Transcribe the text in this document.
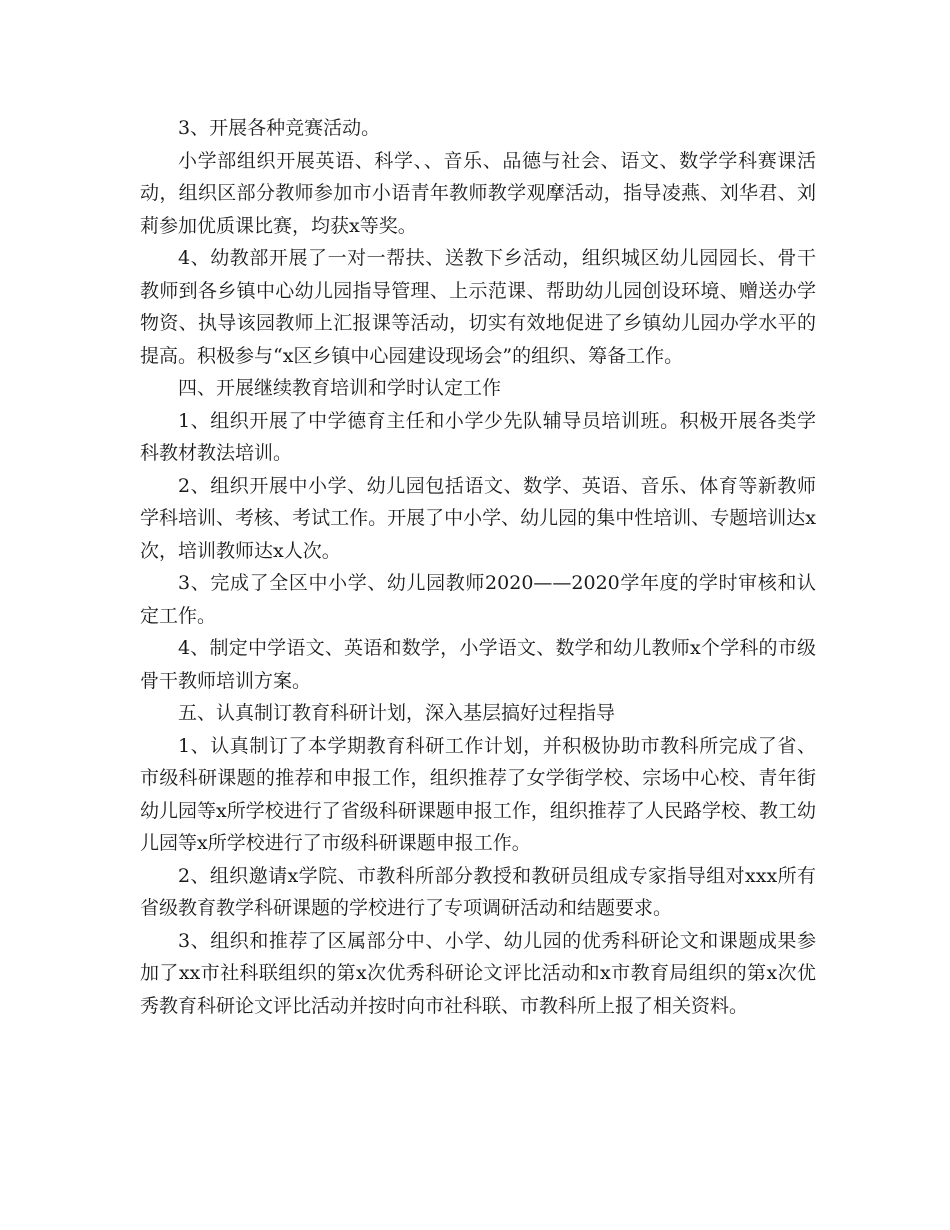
3、开展各种竞赛活动。

小学部组织开展英语、科学、、音乐、品德与社会、语文、数学学科赛课活动，组织区部分教师参加市小语青年教师教学观摩活动，指导凌燕、刘华君、刘莉参加优质课比赛，均获x等奖。

4、幼教部开展了一对一帮扶、送教下乡活动，组织城区幼儿园园长、骨干教师到各乡镇中心幼儿园指导管理、上示范课、帮助幼儿园创设环境、赠送办学物资、执导该园教师上汇报课等活动，切实有效地促进了乡镇幼儿园办学水平的提高。积极参与“x区乡镇中心园建设现场会”的组织、筹备工作。

四、开展继续教育培训和学时认定工作

1、组织开展了中学德育主任和小学少先队辅导员培训班。积极开展各类学科教材教法培训。

2、组织开展中小学、幼儿园包括语文、数学、英语、音乐、体育等新教师学科培训、考核、考试工作。开展了中小学、幼儿园的集中性培训、专题培训达x次，培训教师达x人次。

3、完成了全区中小学、幼儿园教师2020——2020学年度的学时审核和认定工作。

4、制定中学语文、英语和数学，小学语文、数学和幼儿教师x个学科的市级骨干教师培训方案。

五、认真制订教育科研计划，深入基层搞好过程指导

1、认真制订了本学期教育科研工作计划，并积极协助市教科所完成了省、市级科研课题的推荐和申报工作，组织推荐了女学街学校、宗场中心校、青年街幼儿园等x所学校进行了省级科研课题申报工作，组织推荐了人民路学校、教工幼儿园等x所学校进行了市级科研课题申报工作。

2、组织邀请x学院、市教科所部分教授和教研员组成专家指导组对xxx所有省级教育教学科研课题的学校进行了专项调研活动和结题要求。

3、组织和推荐了区属部分中、小学、幼儿园的优秀科研论文和课题成果参加了xx市社科联组织的第x次优秀科研论文评比活动和x市教育局组织的第x次优秀教育科研论文评比活动并按时向市社科联、市教科所上报了相关资料。
